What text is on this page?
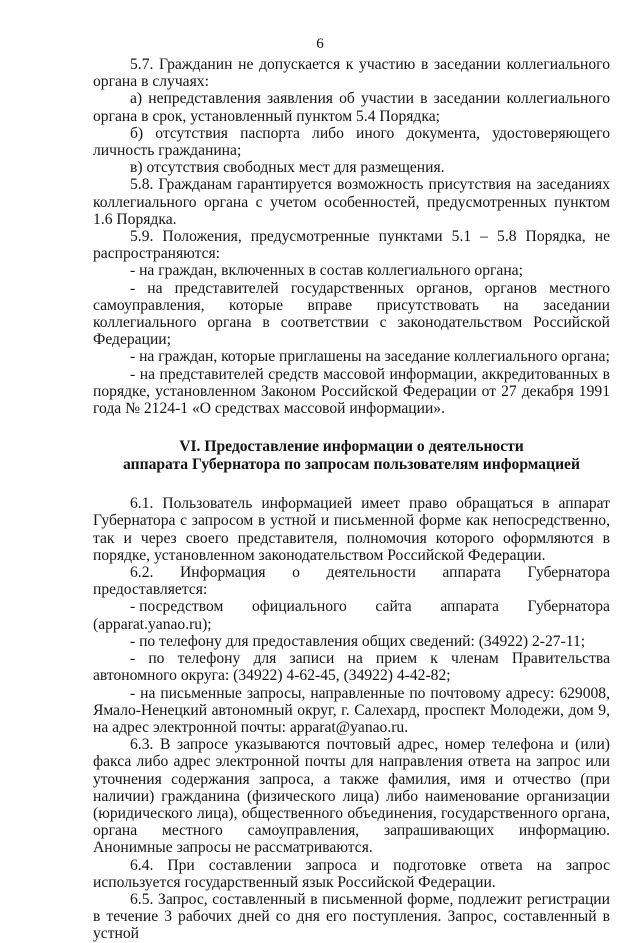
6

5.7. Гражданин не допускается к участию в заседании коллегиального органа в случаях:

а) непредставления заявления об участии в заседании коллегиального органа в срок, установленный пунктом 5.4 Порядка;

б) отсутствия паспорта либо иного документа, удостоверяющего личность гражданина;

в) отсутствия свободных мест для размещения.

5.8. Гражданам гарантируется возможность присутствия на заседаниях коллегиального органа с учетом особенностей, предусмотренных пунктом 1.6 Порядка.

5.9. Положения, предусмотренные пунктами 5.1 – 5.8 Порядка, не распространяются:

- на граждан, включенных в состав коллегиального органа;

- на представителей государственных органов, органов местного самоуправления, которые вправе присутствовать на заседании коллегиального органа в соответствии с законодательством Российской Федерации;

- на граждан, которые приглашены на заседание коллегиального органа;

- на представителей средств массовой информации, аккредитованных в порядке, установленном Законом Российской Федерации от 27 декабря 1991 года № 2124-1 «О средствах массовой информации».

VI. Предоставление информации о деятельности
аппарата Губернатора по запросам пользователям информацией

6.1. Пользователь информацией имеет право обращаться в аппарат Губернатора с запросом в устной и письменной форме как непосредственно, так и через своего представителя, полномочия которого оформляются в порядке, установленном законодательством Российской Федерации.

6.2. Информация о деятельности аппарата Губернатора предоставляется:

- посредством официального сайта аппарата Губернатора

(apparat.yanao.ru);

- по телефону для предоставления общих сведений: (34922) 2-27-11;

- по телефону для записи на прием к членам Правительства автономного округа: (34922) 4-62-45, (34922) 4-42-82;

- на письменные запросы, направленные по почтовому адресу: 629008, Ямало-Ненецкий автономный округ, г. Салехард, проспект Молодежи, дом 9, на адрес электронной почты: apparat@yanao.ru.

6.3. В запросе указываются почтовый адрес, номер телефона и (или) факса либо адрес электронной почты для направления ответа на запрос или уточнения содержания запроса, а также фамилия, имя и отчество (при наличии) гражданина (физического лица) либо наименование организации (юридического лица), общественного объединения, государственного органа, органа местного самоуправления, запрашивающих информацию. Анонимные запросы не рассматриваются.

6.4. При составлении запроса и подготовке ответа на запрос используется государственный язык Российской Федерации.

6.5. Запрос, составленный в письменной форме, подлежит регистрации в течение 3 рабочих дней со дня его поступления. Запрос, составленный в устной
